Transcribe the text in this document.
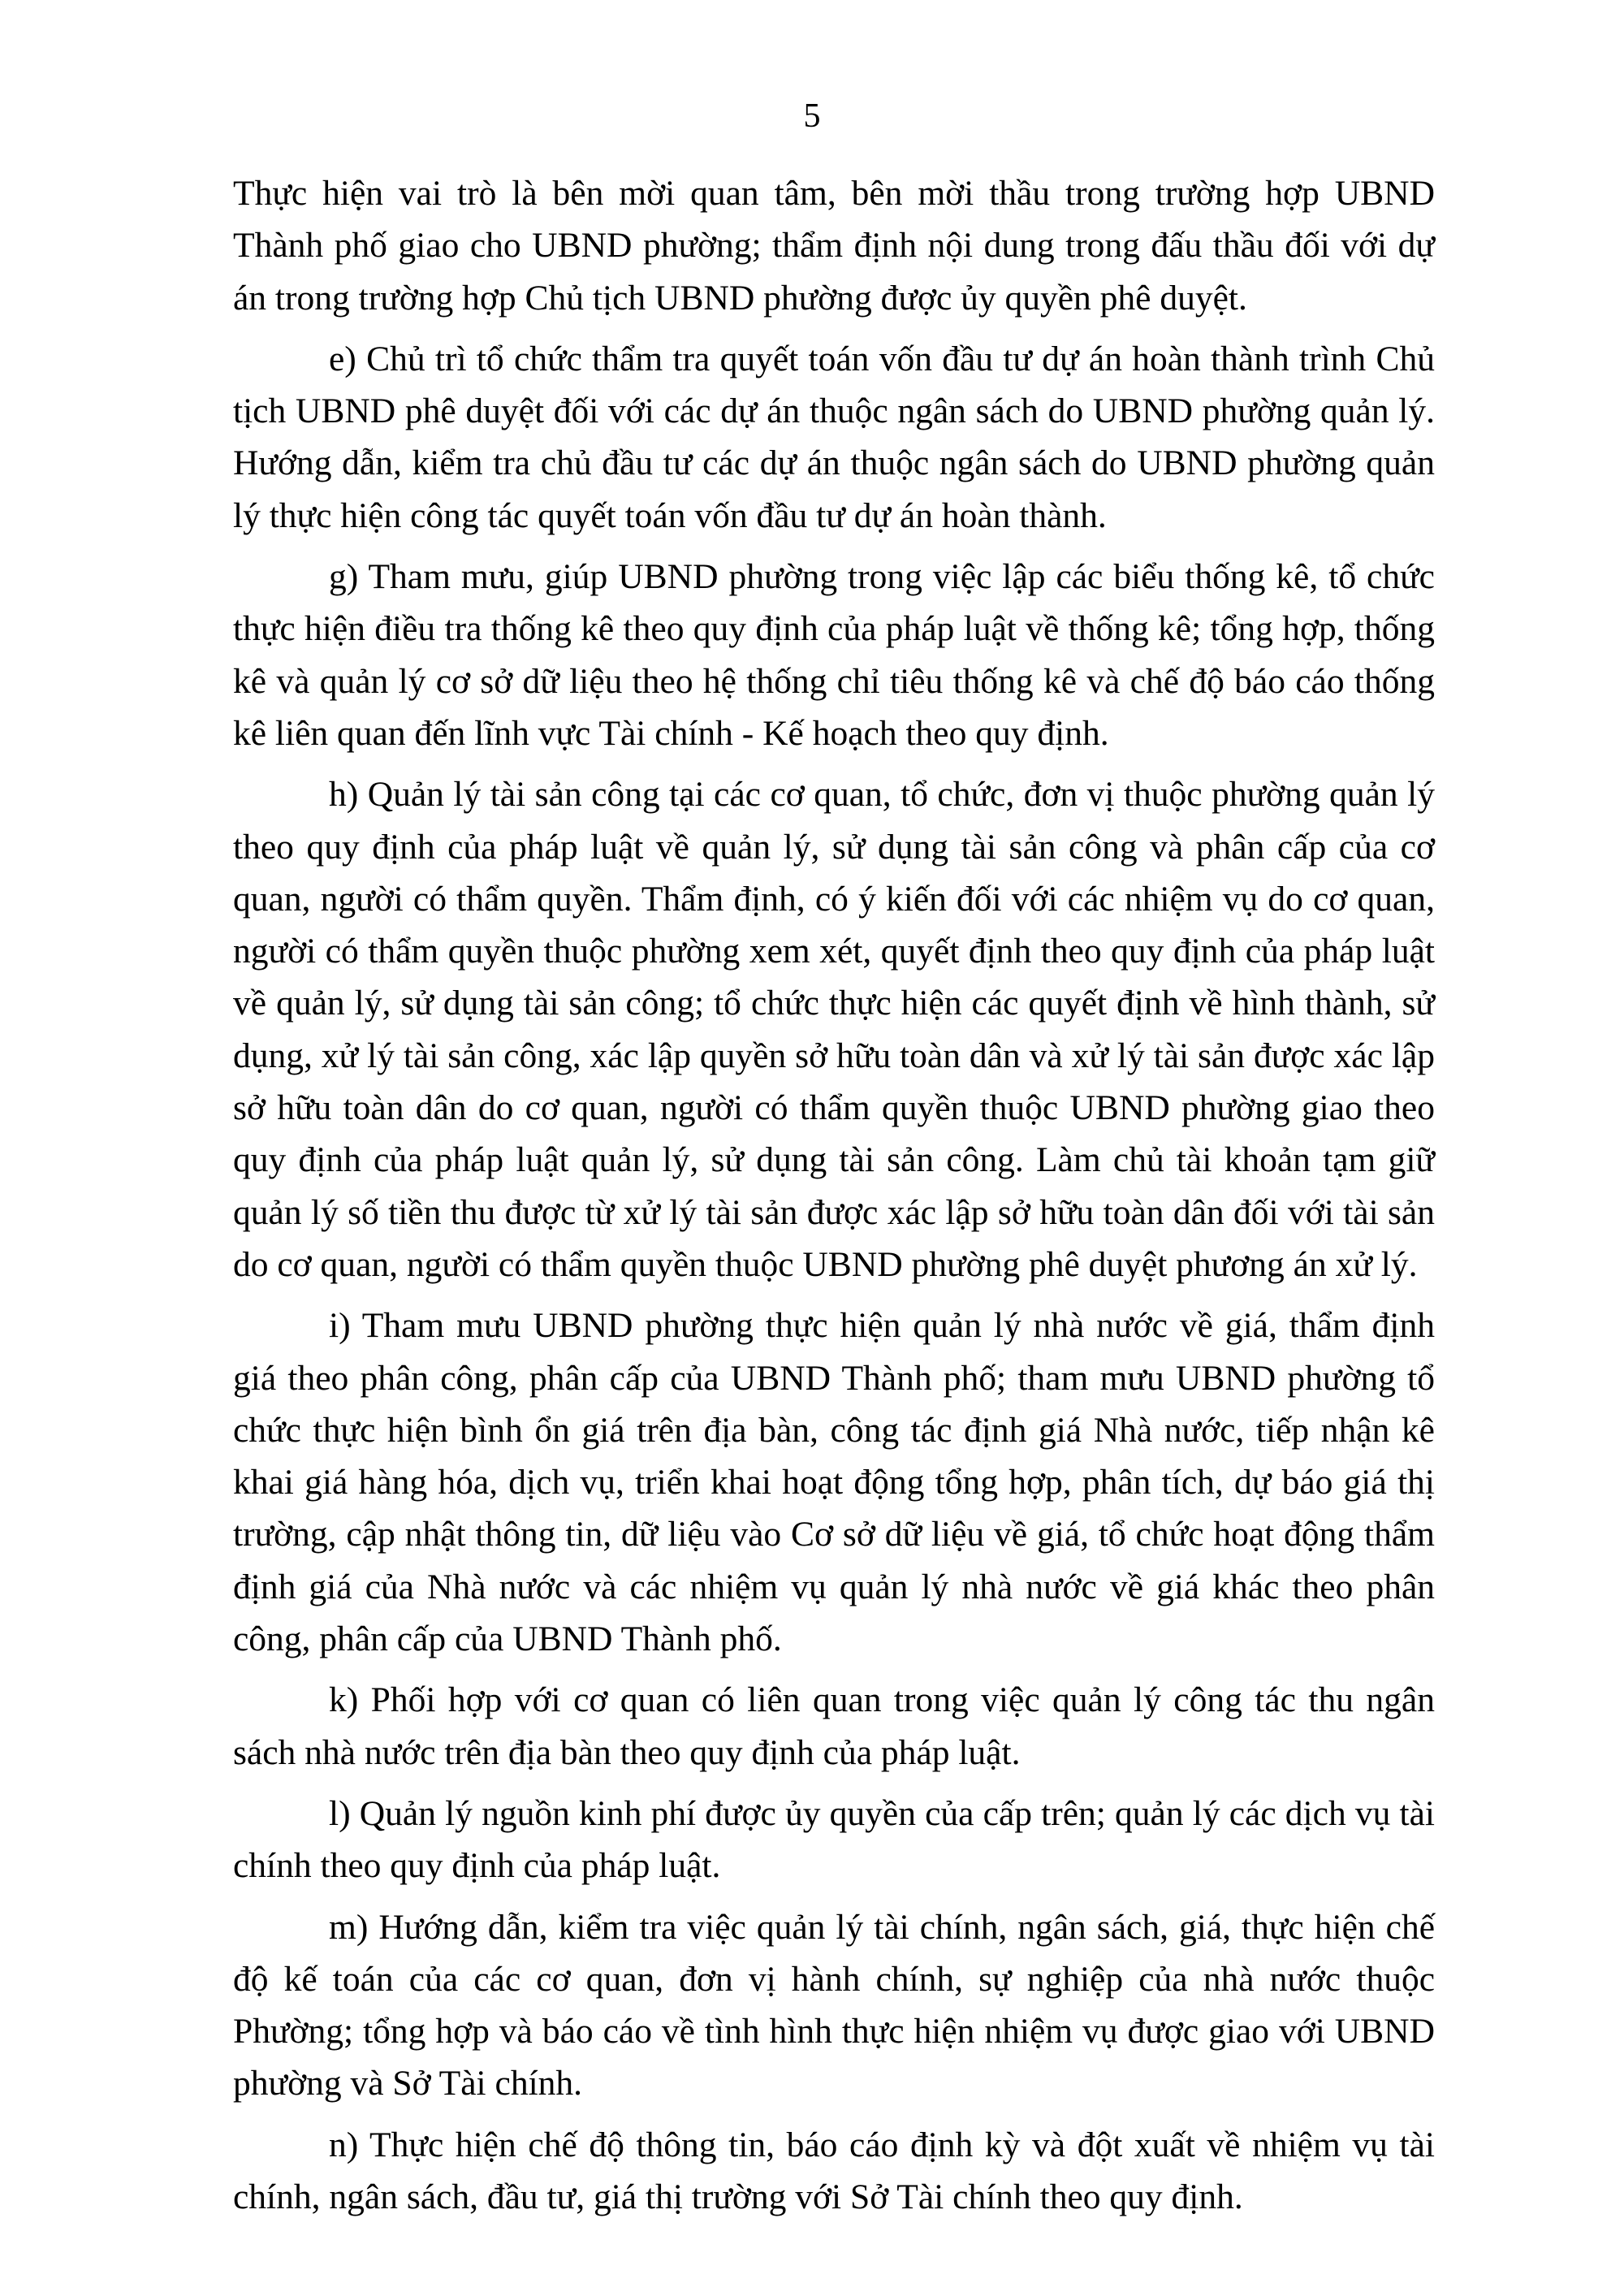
5

Thực hiện vai trò là bên mời quan tâm, bên mời thầu trong trường hợp UBND Thành phố giao cho UBND phường; thẩm định nội dung trong đấu thầu đối với dự án trong trường hợp Chủ tịch UBND phường được ủy quyền phê duyệt.

e) Chủ trì tổ chức thẩm tra quyết toán vốn đầu tư dự án hoàn thành trình Chủ tịch UBND phê duyệt đối với các dự án thuộc ngân sách do UBND phường quản lý. Hướng dẫn, kiểm tra chủ đầu tư các dự án thuộc ngân sách do UBND phường quản lý thực hiện công tác quyết toán vốn đầu tư dự án hoàn thành.

g) Tham mưu, giúp UBND phường trong việc lập các biểu thống kê, tổ chức thực hiện điều tra thống kê theo quy định của pháp luật về thống kê; tổng hợp, thống kê và quản lý cơ sở dữ liệu theo hệ thống chỉ tiêu thống kê và chế độ báo cáo thống kê liên quan đến lĩnh vực Tài chính - Kế hoạch theo quy định.

h) Quản lý tài sản công tại các cơ quan, tổ chức, đơn vị thuộc phường quản lý theo quy định của pháp luật về quản lý, sử dụng tài sản công và phân cấp của cơ quan, người có thẩm quyền. Thẩm định, có ý kiến đối với các nhiệm vụ do cơ quan, người có thẩm quyền thuộc phường xem xét, quyết định theo quy định của pháp luật về quản lý, sử dụng tài sản công; tổ chức thực hiện các quyết định về hình thành, sử dụng, xử lý tài sản công, xác lập quyền sở hữu toàn dân và xử lý tài sản được xác lập sở hữu toàn dân do cơ quan, người có thẩm quyền thuộc UBND phường giao theo quy định của pháp luật quản lý, sử dụng tài sản công. Làm chủ tài khoản tạm giữ quản lý số tiền thu được từ xử lý tài sản được xác lập sở hữu toàn dân đối với tài sản do cơ quan, người có thẩm quyền thuộc UBND phường phê duyệt phương án xử lý.

i) Tham mưu UBND phường thực hiện quản lý nhà nước về giá, thẩm định giá theo phân công, phân cấp của UBND Thành phố; tham mưu UBND phường tổ chức thực hiện bình ổn giá trên địa bàn, công tác định giá Nhà nước, tiếp nhận kê khai giá hàng hóa, dịch vụ, triển khai hoạt động tổng hợp, phân tích, dự báo giá thị trường, cập nhật thông tin, dữ liệu vào Cơ sở dữ liệu về giá, tổ chức hoạt động thẩm định giá của Nhà nước và các nhiệm vụ quản lý nhà nước về giá khác theo phân công, phân cấp của UBND Thành phố.

k) Phối hợp với cơ quan có liên quan trong việc quản lý công tác thu ngân sách nhà nước trên địa bàn theo quy định của pháp luật.

l) Quản lý nguồn kinh phí được ủy quyền của cấp trên; quản lý các dịch vụ tài chính theo quy định của pháp luật.

m) Hướng dẫn, kiểm tra việc quản lý tài chính, ngân sách, giá, thực hiện chế độ kế toán của các cơ quan, đơn vị hành chính, sự nghiệp của nhà nước thuộc Phường; tổng hợp và báo cáo về tình hình thực hiện nhiệm vụ được giao với UBND phường và Sở Tài chính.

n) Thực hiện chế độ thông tin, báo cáo định kỳ và đột xuất về nhiệm vụ tài chính, ngân sách, đầu tư, giá thị trường với Sở Tài chính theo quy định.
